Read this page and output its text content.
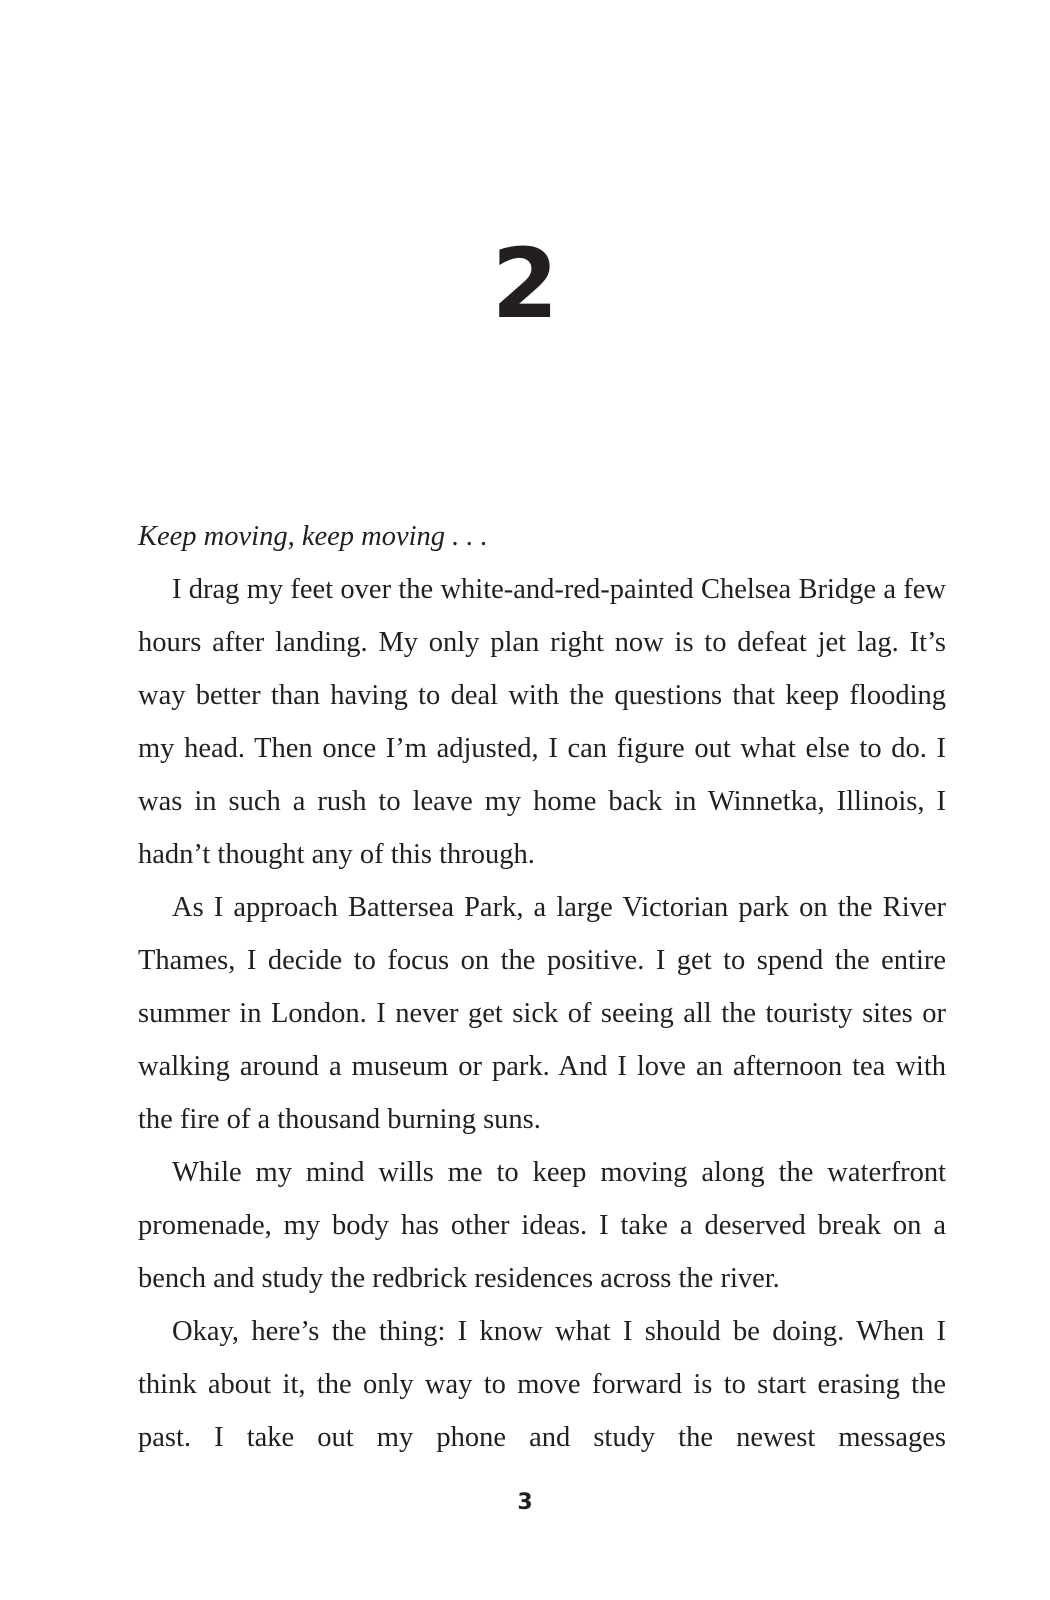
2

Keep moving, keep moving . . .

I drag my feet over the white-and-red-painted Chelsea Bridge a few hours after landing. My only plan right now is to defeat jet lag. It’s way better than having to deal with the questions that keep flooding my head. Then once I’m adjusted, I can figure out what else to do. I was in such a rush to leave my home back in Winnetka, Illinois, I hadn’t thought any of this through.

As I approach Battersea Park, a large Victorian park on the River Thames, I decide to focus on the positive. I get to spend the entire summer in London. I never get sick of seeing all the touristy sites or walking around a museum or park. And I love an afternoon tea with the fire of a thousand burning suns.

While my mind wills me to keep moving along the waterfront promenade, my body has other ideas. I take a deserved break on a bench and study the redbrick residences across the river.

Okay, here’s the thing: I know what I should be doing. When I think about it, the only way to move forward is to start erasing the past. I take out my phone and study the newest messages

3
